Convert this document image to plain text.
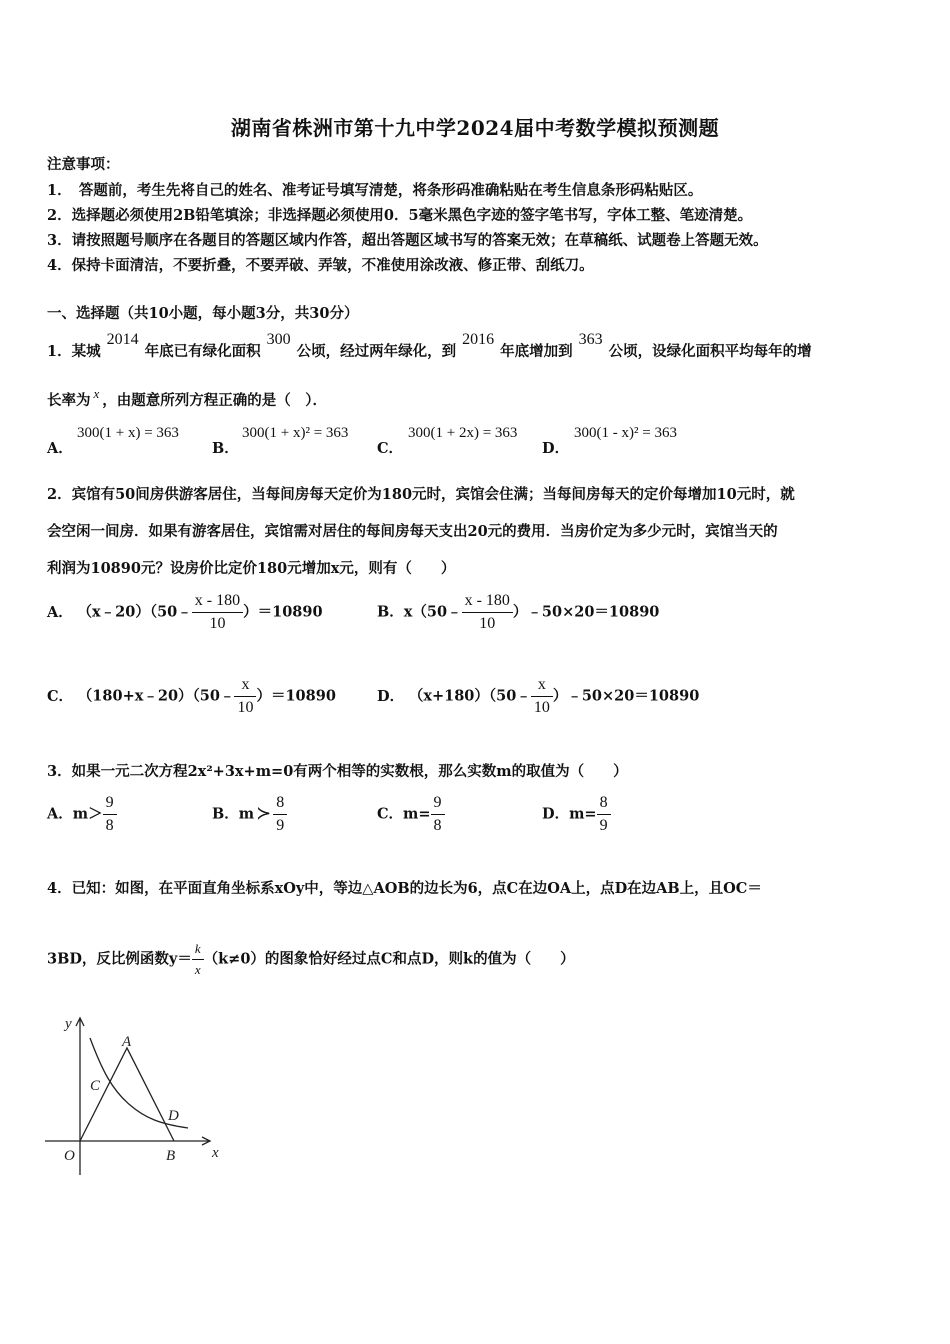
湖南省株洲市第十九中学2024届中考数学模拟预测题
注意事项：
1．　答题前，考生先将自己的姓名、准考证号填写清楚，将条形码准确粘贴在考生信息条形码粘贴区。
2．选择题必须使用2B铅笔填涂；非选择题必须使用0．5毫米黑色字迹的签字笔书写，字体工整、笔迹清楚。
3．请按照题号顺序在各题目的答题区域内作答，超出答题区域书写的答案无效；在草稿纸、试题卷上答题无效。
4．保持卡面清洁，不要折叠，不要弄破、弄皱，不准使用涂改液、修正带、刮纸刀。
一、选择题（共10小题，每小题3分，共30分）
1．某城2014年底已有绿化面积300公顷，经过两年绿化，到2016年底增加到363公顷，设绿化面积平均每年的增
长率为 x ，由题意所列方程正确的是（　）．
A．
300(1 + x) = 363
B．
300(1 + x)² = 363
C．
300(1 + 2x) = 363
D．
300(1 - x)² = 363
2．宾馆有50间房供游客居住，当每间房每天定价为180元时，宾馆会住满；当每间房每天的定价每增加10元时，就
会空闲一间房．如果有游客居住，宾馆需对居住的每间房每天支出20元的费用．当房价定为多少元时，宾馆当天的
利润为10890元？设房价比定价180元增加x元，则有（　　）
A． （x﹣20）（50﹣ $\frac{x - 180}{10} )=10890$	B．x（50﹣ $\frac{x - 180}{10}$ ）﹣50×20＝10890
C． （180+x﹣20）（50﹣ $\frac{x}{10} )=10890$	D． （x+180）（50﹣ $\frac{x}{10}$ ）﹣50×20＝10890
3．如果一元二次方程2x²+3x+m=0有两个相等的实数根，那么实数m的取值为（　　）
A．$m> \frac{9}{8}$	B．m ≻ $\frac{8}{9}$	C．$m= \frac{9}{8}$	D．$m= \frac{8}{9}$
4．已知：如图，在平面直角坐标系xOy中，等边△AOB的边长为6，点C在边OA上，点D在边AB上，且OC＝
3BD，反比例函数$y= \frac{k}{x} (k\ne 0)$的图象恰好经过点C和点D，则k的值为（　　）
y
x
O
A
B
C
D
